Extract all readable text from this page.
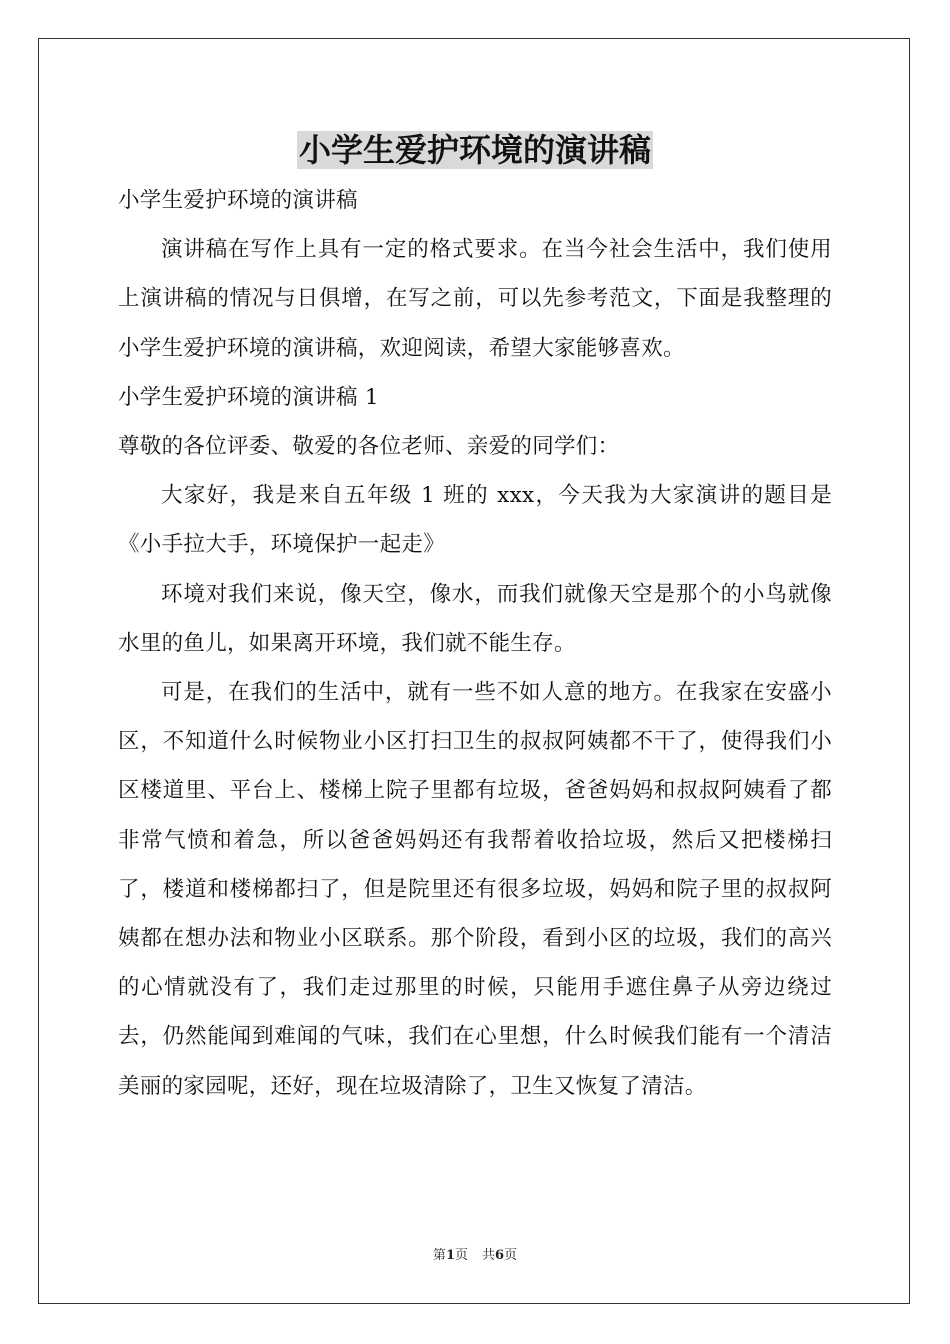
小学生爱护环境的演讲稿

小学生爱护环境的演讲稿

演讲稿在写作上具有一定的格式要求。在当今社会生活中，我们使用上演讲稿的情况与日俱增，在写之前，可以先参考范文，下面是我整理的小学生爱护环境的演讲稿，欢迎阅读，希望大家能够喜欢。

小学生爱护环境的演讲稿 1

尊敬的各位评委、敬爱的各位老师、亲爱的同学们：

大家好，我是来自五年级 1 班的 xxx，今天我为大家演讲的题目是《小手拉大手，环境保护一起走》

环境对我们来说，像天空，像水，而我们就像天空是那个的小鸟就像水里的鱼儿，如果离开环境，我们就不能生存。

可是，在我们的生活中，就有一些不如人意的地方。在我家在安盛小区，不知道什么时候物业小区打扫卫生的叔叔阿姨都不干了，使得我们小区楼道里、平台上、楼梯上院子里都有垃圾，爸爸妈妈和叔叔阿姨看了都非常气愤和着急，所以爸爸妈妈还有我帮着收拾垃圾，然后又把楼梯扫了，楼道和楼梯都扫了，但是院里还有很多垃圾，妈妈和院子里的叔叔阿姨都在想办法和物业小区联系。那个阶段，看到小区的垃圾，我们的高兴的心情就没有了，我们走过那里的时候，只能用手遮住鼻子从旁边绕过去，仍然能闻到难闻的气味，我们在心里想，什么时候我们能有一个清洁美丽的家园呢，还好，现在垃圾清除了，卫生又恢复了清洁。

第1页 共6页
